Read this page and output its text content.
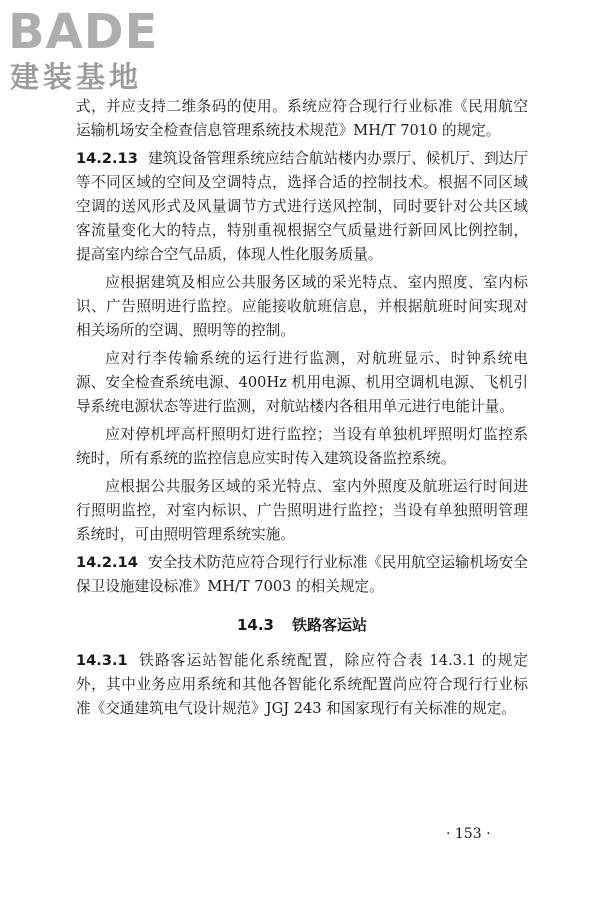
BADE
建装基地

式，并应支持二维条码的使用。系统应符合现行行业标准《民用航空运输机场安全检查信息管理系统技术规范》MH/T 7010 的规定。

14.2.13 建筑设备管理系统应结合航站楼内办票厅、候机厅、到达厅等不同区域的空间及空调特点，选择合适的控制技术。根据不同区域空调的送风形式及风量调节方式进行送风控制，同时要针对公共区域客流量变化大的特点，特别重视根据空气质量进行新回风比例控制，提高室内综合空气品质，体现人性化服务质量。

应根据建筑及相应公共服务区域的采光特点、室内照度、室内标识、广告照明进行监控。应能接收航班信息，并根据航班时间实现对相关场所的空调、照明等的控制。

应对行李传输系统的运行进行监测，对航班显示、时钟系统电源、安全检查系统电源、400Hz 机用电源、机用空调机电源、飞机引导系统电源状态等进行监测，对航站楼内各租用单元进行电能计量。

应对停机坪高杆照明灯进行监控；当设有单独机坪照明灯监控系统时，所有系统的监控信息应实时传入建筑设备监控系统。

应根据公共服务区域的采光特点、室内外照度及航班运行时间进行照明监控，对室内标识、广告照明进行监控；当设有单独照明管理系统时，可由照明管理系统实施。

14.2.14 安全技术防范应符合现行行业标准《民用航空运输机场安全保卫设施建设标准》MH/T 7003 的相关规定。

14.3 铁路客运站

14.3.1 铁路客运站智能化系统配置，除应符合表 14.3.1 的规定外，其中业务应用系统和其他各智能化系统配置尚应符合现行行业标准《交通建筑电气设计规范》JGJ 243 和国家现行有关标准的规定。

· 153 ·
